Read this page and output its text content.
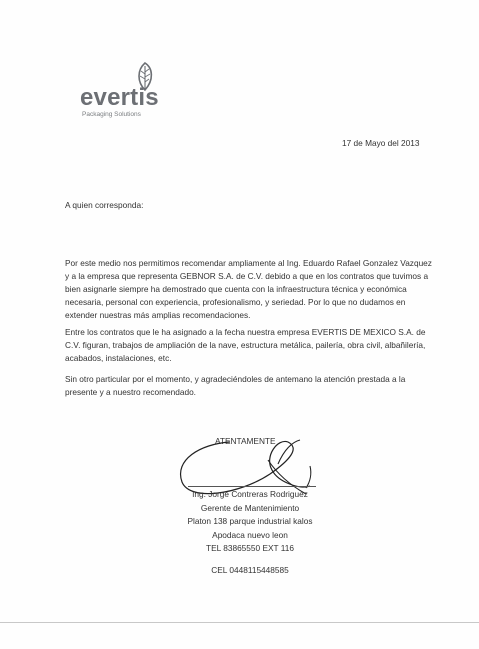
evertis
Packaging Solutions
17 de Mayo del 2013
A quien corresponda:
Por este medio nos permitimos recomendar ampliamente al Ing. Eduardo Rafael Gonzalez Vazquez y a la empresa que representa GEBNOR S.A. de C.V. debido a que en los contratos que tuvimos a bien asignarle siempre ha demostrado que cuenta con la infraestructura técnica y económica necesaria, personal con experiencia, profesionalismo, y seriedad. Por lo que no dudamos en extender nuestras más amplias recomendaciones.
Entre los contratos que le ha asignado a la fecha nuestra empresa EVERTIS DE MEXICO S.A. de C.V. figuran, trabajos de ampliación de la nave, estructura metálica, pailería, obra civil, albañilería, acabados, instalaciones, etc.
Sin otro particular por el momento, y agradeciéndoles de antemano la atención prestada a la presente y a nuestro recomendado.
ATENTAMENTE
Ing. Jorge Contreras Rodriguez
Gerente de Mantenimiento
Platon 138 parque industrial kalos
Apodaca nuevo leon
TEL 83865550 EXT 116
CEL 0448115448585
